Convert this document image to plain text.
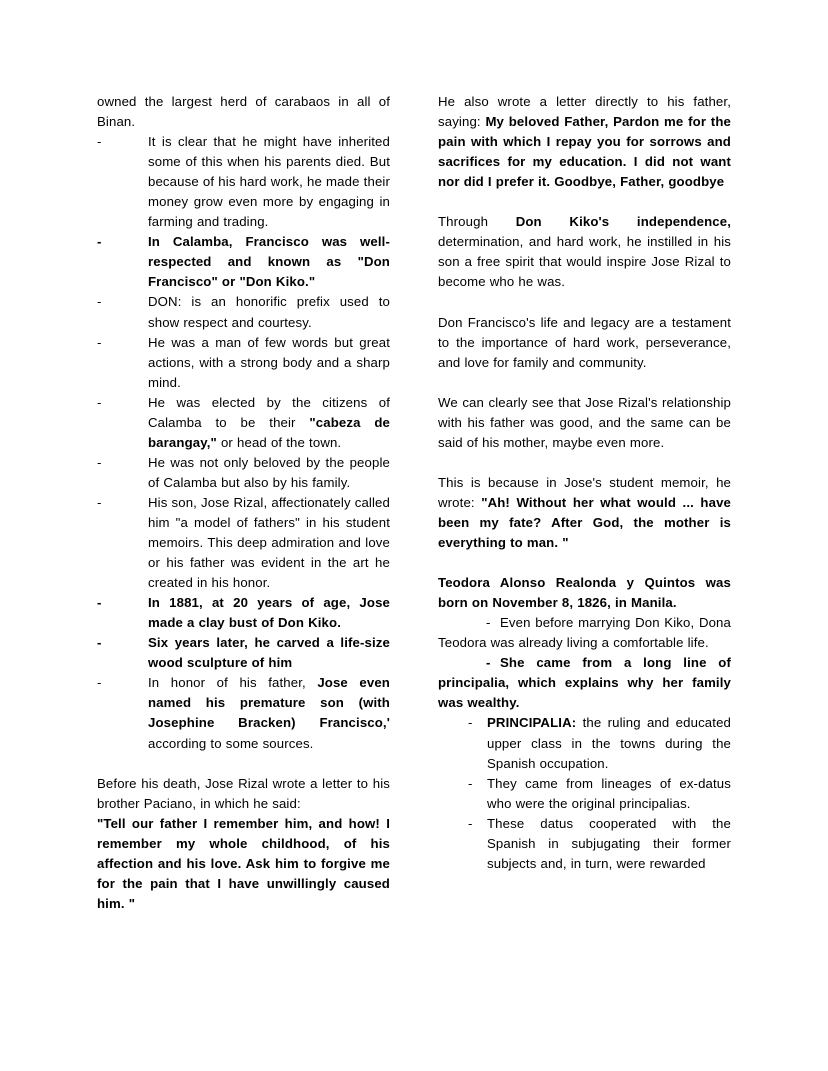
owned the largest herd of carabaos in all of Binan.
-	It is clear that he might have inherited some of this when his parents died. But because of his hard work, he made their money grow even more by engaging in farming and trading.
-	In Calamba, Francisco was well-respected and known as "Don Francisco" or "Don Kiko."
-	DON: is an honorific prefix used to show respect and courtesy.
-	He was a man of few words but great actions, with a strong body and a sharp mind.
-	He was elected by the citizens of Calamba to be their "cabeza de barangay," or head of the town.
-	He was not only beloved by the people of Calamba but also by his family.
-	His son, Jose Rizal, affectionately called him "a model of fathers" in his student memoirs. This deep admiration and love or his father was evident in the art he created in his honor.
-	In 1881, at 20 years of age, Jose made a clay bust of Don Kiko.
-	Six years later, he carved a life-size wood sculpture of him
-	In honor of his father, Jose even named his premature son (with Josephine Bracken) Francisco,' according to some sources.
Before his death, Jose Rizal wrote a letter to his brother Paciano, in which he said:
"Tell our father I remember him, and how! I remember my whole childhood, of his affection and his love. Ask him to forgive me for the pain that I have unwillingly caused him. "
He also wrote a letter directly to his father, saying: My beloved Father, Pardon me for the pain with which I repay you for sorrows and sacrifices for my education. I did not want nor did I prefer it. Goodbye, Father, goodbye
Through Don Kiko's independence, determination, and hard work, he instilled in his son a free spirit that would inspire Jose Rizal to become who he was.
Don Francisco's life and legacy are a testament to the importance of hard work, perseverance, and love for family and community.
We can clearly see that Jose Rizal's relationship with his father was good, and the same can be said of his mother, maybe even more.
This is because in Jose's student memoir, he wrote: "Ah! Without her what would ... have been my fate? After God, the mother is everything to man. "
Teodora Alonso Realonda y Quintos was born on November 8, 1826, in Manila.
- Even before marrying Don Kiko, Dona Teodora was already living a comfortable life.
- She came from a long line of principalia, which explains why her family was wealthy.
-	PRINCIPALIA: the ruling and educated upper class in the towns during the Spanish occupation.
-	They came from lineages of ex-datus who were the original principalias.
-	These datus cooperated with the Spanish in subjugating their former subjects and, in turn, were rewarded
